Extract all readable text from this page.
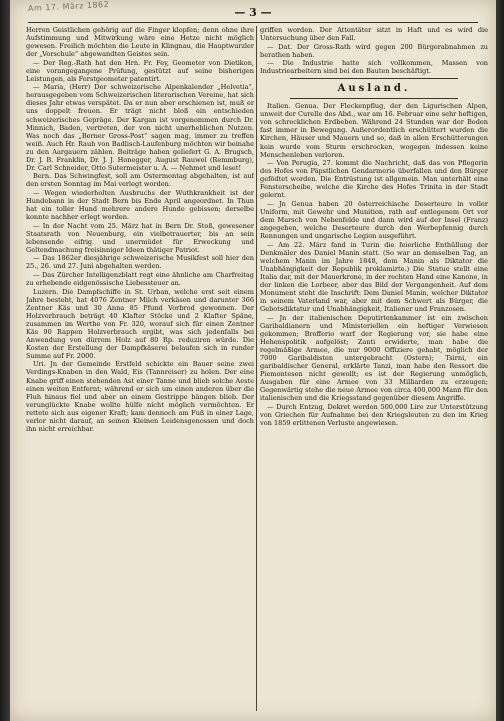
Am 17. März 1862	— 3 —

Herren Geistlichen gehörig auf die Finger klopfen; denn ohne ihre Aufstimmung und Mitwirkung wäre eine Hetze nicht möglich gewesen. Freilich möchten die Leute in Klingnau, die Hauptwurzler der „Vorschule“ abgewandten Geistes sein.

— Der Reg.-Rath hat den Hrn. Fr. Fey, Geometer von Dietikon, eine vorangegangene Prüfung, gestützt auf seine bisherigen Leistungen, als Forstgeometer patentirt.

— Maria, (Herr) Der schweizerische Alpenkalender „Helvetia“, herausgegeben vom Schweizerischen literarischen Vereine, hat sich dieses Jahr etwas verspätet. Da er nun aber erschienen ist, muß er uns doppelt freuen. Er trägt nicht bloß ein entschieden schweizerisches Gepräge. Der Kargan ist vorgenommen durch Dr. Minnich, Baden, vertreten, der von nicht unerheblichen Nutzen. Was noch das „Berner Gross-Post“ sagen mag, immer zu treffen weiß. Auch Hr. Rauh von Badlisch-Laufenburg möchten wir beinahe zu den Aargauern zählen. Beiträge haben geliefert G. A. Brugsch, Dr. J. B. Franklin, Dr. J. J. Honegger, August Rauwel (Remmburg), Dr. Carl Schneider, Otto Sutermeister u. A. — Nehmet und leset!

Bern. Das Schwingfest, soll am Ostermontag abgehalten, ist auf den ersten Sonntag im Mai verlegt worden.

— Wegen wiederholten Ausbruchs der Wuthkrankheit ist der Hundebann in der Stadt Bern bis Ende April angeordnet. In Thun hat ein toller Hund mehrere andere Hunde gebissen; derselbe konnte nachher erlegt werden.

— In der Nacht vom 25. März hat in Bern Dr. Stoß, gewesener Staatsrath von Neuenburg, ein vielbetrauerter, bis an sein lebensende eifrig und unermüdet für Erweckung und Geltendmachung freisinniger Ideen thätiger Patriot.

— Das 1862er diesjährige schweizerische Musikfest soll hier den 25., 26. und 27. Juni abgehalten werden.

— Das Zürcher Intelligenzblatt regt eine ähnliche am Charfreitag zu erhebende eidgenössische Liebessteuer an.

Luzern. Die Dampfschiffe in St. Urban, welche erst seit einem Jahre besteht, hat 4076 Zentner Milch verkäsen und darunter 366 Zentner Käs und 30 Anna 85 Pfund Vorbrod gewonnen. Der Holzverbrauch beträgt 40 Klafter Stöcke und 2 Klafter Späne, zusammen im Werthe von Fr. 320, worauf sich für einen Zentner Käs 90 Rappen Holzverbrauch ergibt, was sich jedenfalls bei Anwendung von dürrem Holz auf 80 Rp. reduziren würde. Die Kosten der Erstellung der Dampfkäserei belaufen sich in runder Summe auf Fr. 2000.

Uri. Jn der Gemeinde Erstfeld schickte ein Bauer seine zwei Verdings-Knaben in den Wald, Eis (Tannreiser) zu holen. Der eine Knabe griff einen stehenden Ast einer Tanne und blieb solche Aeste einen weiten Entfernt; während er sich um einen anderen über die Fluh hinaus fiel und aber an einem Gestrippe hängen blieb. Der verunglückte Knabe wollte hülfe nicht möglich vermöchten. Er rettete sich aus eigener Kraft; kam dennoch am Fuß in einer Lage, verlor nicht darauf, an seinen Kleinen Leidensgenossen und doch ihn nicht erreichbar.

griffen worden. Der Attentäter sitzt in Haft und es wird die Untersuchung über den Fall.

— Dat. Der Gross-Rath wird gegen 200 Bürgerabnahmen zu berathen haben.

— Die Industrie hatte sich vollkommen, Massen von Industriearbeitern sind bei den Bauten beschäftigt.

Ausland.

Italien. Genua. Der Fleckenpflug, der den Ligurischen Alpen, unweit der Curelle des Abd., war am 16. Februar eine sehr heftigen, von schrecklichen Erdbeben. Während 24 Stunden war der Boden fast immer in Bewegung. Außerordentlich erschüttert wurden die Kirchen, Häuser und Mauern und so, daß in allen Erschütterungen kein wurde vom Sturm erschrocken, wogegen indessen keine Menschenleben verloren.

— Von Perugia, 27. kommt die Nachricht, daß das von Pflegerin des Hofes von Päpstlichen Gendarmerie überfallen und den Bürger gefödtet worden. Die Entrüstung ist allgemein. Man unterhält eine Fensterscheibe, welche die Kirche des Hofes Trinita in der Stadt gelernt.

— Jn Genua haben 20 österreichische Deserteure in voller Uniform, mit Gewehr und Munition, rath auf entlegenem Ort vor dem Marsch von Nebenfelde und dann wird auf der Insel (Franz) angegeben, welche Deserteure durch den Werbepfennig durch Rennungen und ungarische Legion ausgeführt.

— Am 22. März fand in Turin die feierliche Enthüllung der Denkmäler des Daniel Manin statt. (So war an demselben Tag, an welchem Manin im Jahre 1848, dem Manin als Diktator die Unabhängigkeit der Republik proklamirte.) Die Statue stellt eine Italia dar, mit der Mauerkrone, in der rechten Hand eine Kanone, in der linken die Lorbeer, aber das Bild der Vergangenheit. Auf dem Monument steht die Inschrift: Dem Daniel Manin, welcher Diktator in seinem Vaterland war, aber mit dem Schwert als Bürger, die Gebotsdiktatur und Unabhängigkeit, Italiener und Franzosen.

— Jn der italienischen Deputirtenkammer ist ein zwischen Garibaldianern und Ministeriellen ein heftiger Verwiesen gekommen; Brofferio warf der Regierung vor, sie habe eine Hehenspolitik aufgelöst; Zanti erwiderte, man habe die regelmäßige Armee, die nur 9000 Offiziere gehabt, möglich der 7000 Garibaldisten untergebracht (Ostern); Tsirni, ein garibaldischer General, erklärte Tanzi, man habe den Ressort die Piemontesen nicht gewollt; es ist der Regierung unmöglich, Ausgaben für eine Armee von 33 Milliarden zu erzeugen; Gegenwärtig stehe die neue Armee von circa 400,000 Mann für den italienischen und die Kriegsstand gegenüber diesem Angriffe.

— Durch Entzug, Dekret werden 500,000 Lire zur Unterstützung von Griechen für Aufnahme bei den Kriegsleuten zu den im Krieg von 1859 erlittenen Verluste angewiesen.
